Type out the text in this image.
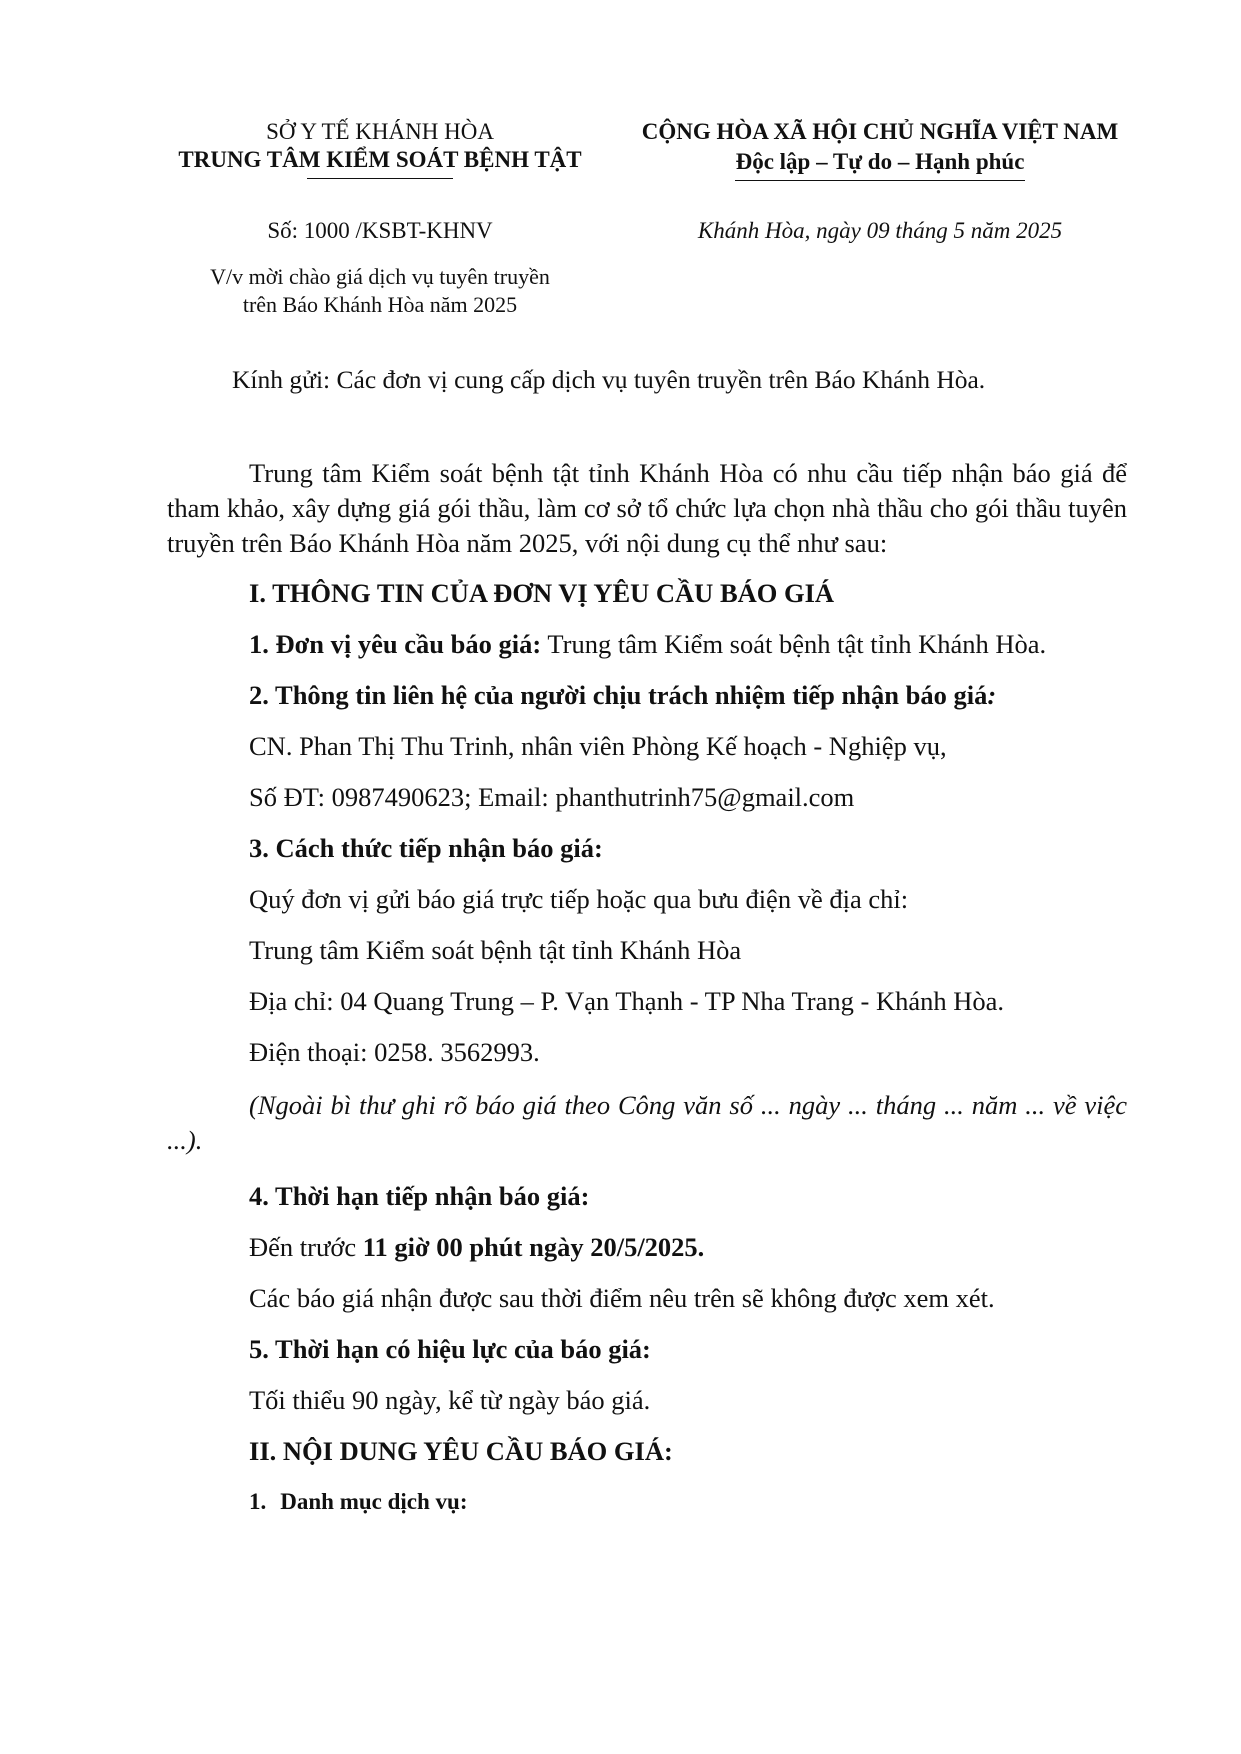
SỞ Y TẾ KHÁNH HÒA
TRUNG TÂM KIỂM SOÁT BỆNH TẬT
Số: 1000 /KSBT-KHNV
V/v mời chào giá dịch vụ tuyên truyền
trên Báo Khánh Hòa năm 2025
CỘNG HÒA XÃ HỘI CHỦ NGHĨA VIỆT NAM
Độc lập – Tự do – Hạnh phúc
Khánh Hòa, ngày 09 tháng 5 năm 2025
Kính gửi: Các đơn vị cung cấp dịch vụ tuyên truyền trên Báo Khánh Hòa.
Trung tâm Kiểm soát bệnh tật tỉnh Khánh Hòa có nhu cầu tiếp nhận báo giá để tham khảo, xây dựng giá gói thầu, làm cơ sở tổ chức lựa chọn nhà thầu cho gói thầu tuyên truyền trên Báo Khánh Hòa năm 2025, với nội dung cụ thể như sau:
I. THÔNG TIN CỦA ĐƠN VỊ YÊU CẦU BÁO GIÁ
1. Đơn vị yêu cầu báo giá: Trung tâm Kiểm soát bệnh tật tỉnh Khánh Hòa.
2. Thông tin liên hệ của người chịu trách nhiệm tiếp nhận báo giá:
CN. Phan Thị Thu Trinh, nhân viên Phòng Kế hoạch - Nghiệp vụ,
Số ĐT: 0987490623; Email: phanthutrinh75@gmail.com
3. Cách thức tiếp nhận báo giá:
Quý đơn vị gửi báo giá trực tiếp hoặc qua bưu điện về địa chỉ:
Trung tâm Kiểm soát bệnh tật tỉnh Khánh Hòa
Địa chỉ: 04 Quang Trung – P. Vạn Thạnh - TP Nha Trang - Khánh Hòa.
Điện thoại: 0258. 3562993.
(Ngoài bì thư ghi rõ báo giá theo Công văn số ... ngày ... tháng ... năm ... về việc ...).
4. Thời hạn tiếp nhận báo giá:
Đến trước 11 giờ 00 phút ngày 20/5/2025.
Các báo giá nhận được sau thời điểm nêu trên sẽ không được xem xét.
5. Thời hạn có hiệu lực của báo giá:
Tối thiểu 90 ngày, kể từ ngày báo giá.
II. NỘI DUNG YÊU CẦU BÁO GIÁ:
1. Danh mục dịch vụ:
